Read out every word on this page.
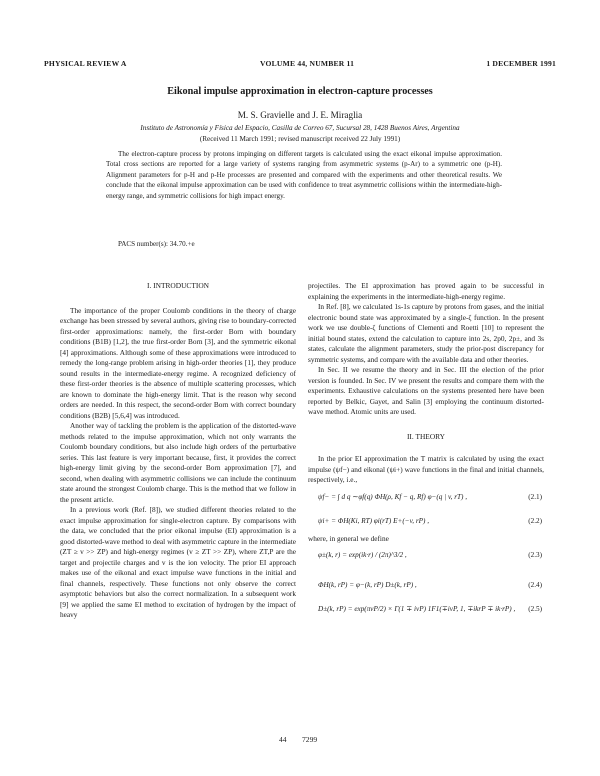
PHYSICAL REVIEW A	VOLUME 44, NUMBER 11	1 DECEMBER 1991
Eikonal impulse approximation in electron-capture processes
M. S. Gravielle and J. E. Miraglia
Instituto de Astronomía y Física del Espacio, Casilla de Correo 67, Sucursal 28, 1428 Buenos Aires, Argentina
(Received 11 March 1991; revised manuscript received 22 July 1991)

The electron-capture process by protons impinging on different targets is calculated using the exact eikonal impulse approximation. Total cross sections are reported for a large variety of systems ranging from asymmetric systems (p-Ar) to a symmetric one (p-H). Alignment parameters for p-H and p-He processes are presented and compared with the experiments and other theoretical results. We conclude that the eikonal impulse approximation can be used with confidence to treat asymmetric collisions within the intermediate-high-energy range, and symmetric collisions for high impact energy.

PACS number(s): 34.70.+e

I. INTRODUCTION

The importance of the proper Coulomb conditions in the theory of charge exchange has been stressed by several authors, giving rise to boundary-corrected first-order approximations: namely, the first-order Born with boundary conditions (B1B) [1,2], the true first-order Born [3], and the symmetric eikonal [4] approximations. Although some of these approximations were introduced to remedy the long-range problem arising in high-order theories [1], they produce sound results in the intermediate-energy regime. A recognized deficiency of these first-order theories is the absence of multiple scattering processes, which are known to dominate the high-energy limit. That is the reason why second orders are needed. In this respect, the second-order Born with correct boundary conditions (B2B) [5,6,4] was introduced.

Another way of tackling the problem is the application of the distorted-wave methods related to the impulse approximation, which not only warrants the Coulomb boundary conditions, but also include high orders of the perturbative series. This last feature is very important because, first, it provides the correct high-energy limit giving by the second-order Born approximation [7], and second, when dealing with asymmetric collisions we can include the continuum state around the strongest Coulomb charge. This is the method that we follow in the present article.

In a previous work (Ref. [8]), we studied different theories related to the exact impulse approximation for single-electron capture. By comparisons with the data, we concluded that the prior eikonal impulse (EI) approximation is a good distorted-wave method to deal with asymmetric capture in the intermediate (ZT ≥ v >> ZP) and high-energy regimes (v ≥ ZT >> ZP), where ZT,P are the target and projectile charges and v is the ion velocity. The prior EI approach makes use of the eikonal and exact impulse wave functions in the initial and final channels, respectively. These functions not only observe the correct asymptotic behaviors but also the correct normalization. In a subsequent work [9] we applied the same EI method to excitation of hydrogen by the impact of heavy

projectiles. The EI approximation has proved again to be successful in explaining the experiments in the intermediate-high-energy regime.

In Ref. [8], we calculated 1s-1s capture by protons from gases, and the initial electronic bound state was approximated by a single-ζ function. In the present work we use double-ζ functions of Clementi and Roetti [10] to represent the initial bound states, extend the calculation to capture into 2s, 2p0, 2p±, and 3s states, calculate the alignment parameters, study the prior-post discrepancy for symmetric systems, and compare with the available data and other theories.

In Sec. II we resume the theory and in Sec. III the election of the prior version is founded. In Sec. IV we present the results and compare them with the experiments. Exhaustive calculations on the systems presented here have been reported by Belkic, Gayet, and Salin [3] employing the continuum distorted-wave method. Atomic units are used.

II. THEORY

In the prior EI approximation the T matrix is calculated by using the exact impulse (ψf−) and eikonal (ψi+) wave functions in the final and initial channels, respectively, i.e.,

ψf− = ∫ d q ∼φf(q) ΦH(ρ, Kf − q, Rf) φ−(q | v, rT) ,	(2.1)
ψi+ = ΦH(Ki, RT) φi(rT) E+(−v, rP) ,	(2.2)

where, in general we define

φ±(k, r) = exp(ik·r) / (2π)^3/2 ,	(2.3)
ΦH(k, rP) = φ−(k, rP) D±(k, rP) ,	(2.4)
D±(k, rP) = exp(πνP/2) × Γ(1 ∓ iνP) 1F1(∓iνP, 1, ∓ikrP ∓ ik·rP) , (2.5)
44 7299
